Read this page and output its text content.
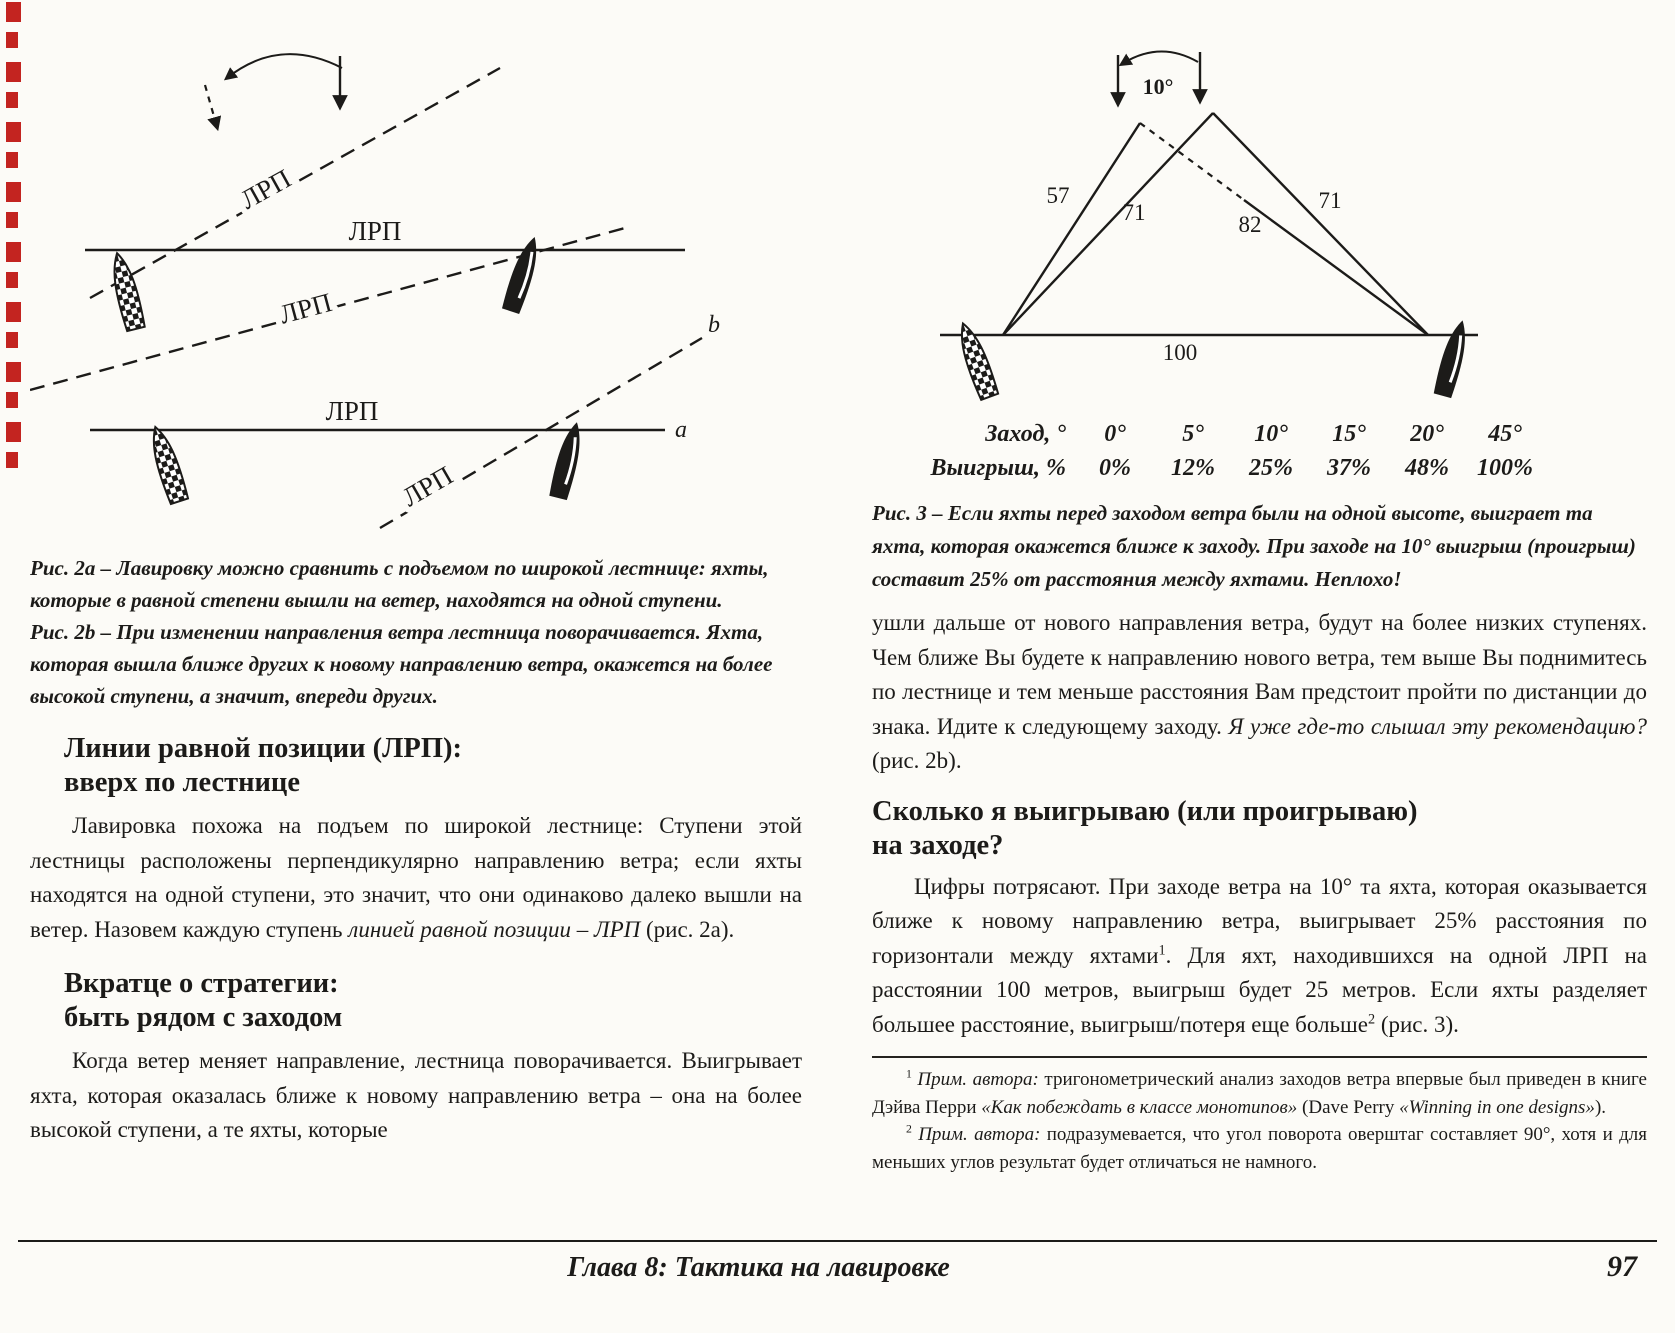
ЛРП
ЛРП
ЛРП
ЛРП
a
ЛРП
b

Рис. 2a – Лавировку можно сравнить с подъемом по широкой лестнице: яхты, которые в равной степени вышли на ветер, находятся на одной ступени.

Рис. 2b – При изменении направления ветра лестница поворачивается. Яхта, которая вышла ближе других к новому направлению ветра, окажется на более высокой ступени, а значит, впереди других.

Линии равной позиции (ЛРП):
вверх по лестнице

Лавировка похожа на подъем по широкой лестнице: Ступени этой лестницы расположены перпендикулярно направлению ветра; если яхты находятся на одной ступени, это значит, что они одинаково далеко вышли на ветер. Назовем каждую ступень линией равной позиции – ЛРП (рис. 2a).

Вкратце о стратегии:
быть рядом с заходом

Когда ветер меняет направление, лестница поворачивается. Выигрывает яхта, которая оказалась ближе к новому направлению ветра – она на более высокой ступени, а те яхты, которые

10°
57
71	82
71
100
Заход, °	0°	5°	10°	15°	20°	45°
Выигрыш, %	0%	12%	25%	37%	48%	100%

Рис. 3 – Если яхты перед заходом ветра были на одной высоте, выиграет та яхта, которая окажется ближе к заходу. При заходе на 10° выигрыш (проигрыш) составит 25% от расстояния между яхтами. Неплохо!

ушли дальше от нового направления ветра, будут на более низких ступенях. Чем ближе Вы будете к направлению нового ветра, тем выше Вы поднимитесь по лестнице и тем меньше расстояния Вам предстоит пройти по дистанции до знака. Идите к следующему заходу. Я уже где-то слышал эту рекомендацию? (рис. 2b).

Сколько я выигрываю (или проигрываю)
на заходе?

Цифры потрясают. При заходе ветра на 10° та яхта, которая оказывается ближе к новому направлению ветра, выигрывает 25% расстояния по горизонтали между яхтами$^1$. Для яхт, находившихся на одной ЛРП на расстоянии 100 метров, выигрыш будет 25 метров. Если яхты разделяет большее расстояние, выигрыш/потеря еще больше$^2$ (рис. 3).

$^1$ Прим. автора: тригонометрический анализ заходов ветра впервые был приведен в книге Дэйва Перри «Как побеждать в классе монотипов» (Dave Perry «Winning in one designs»).

$^2$ Прим. автора: подразумевается, что угол поворота оверштаг составляет 90°, хотя и для меньших углов результат будет отличаться не намного.

Глава 8: Тактика на лавировке	97
